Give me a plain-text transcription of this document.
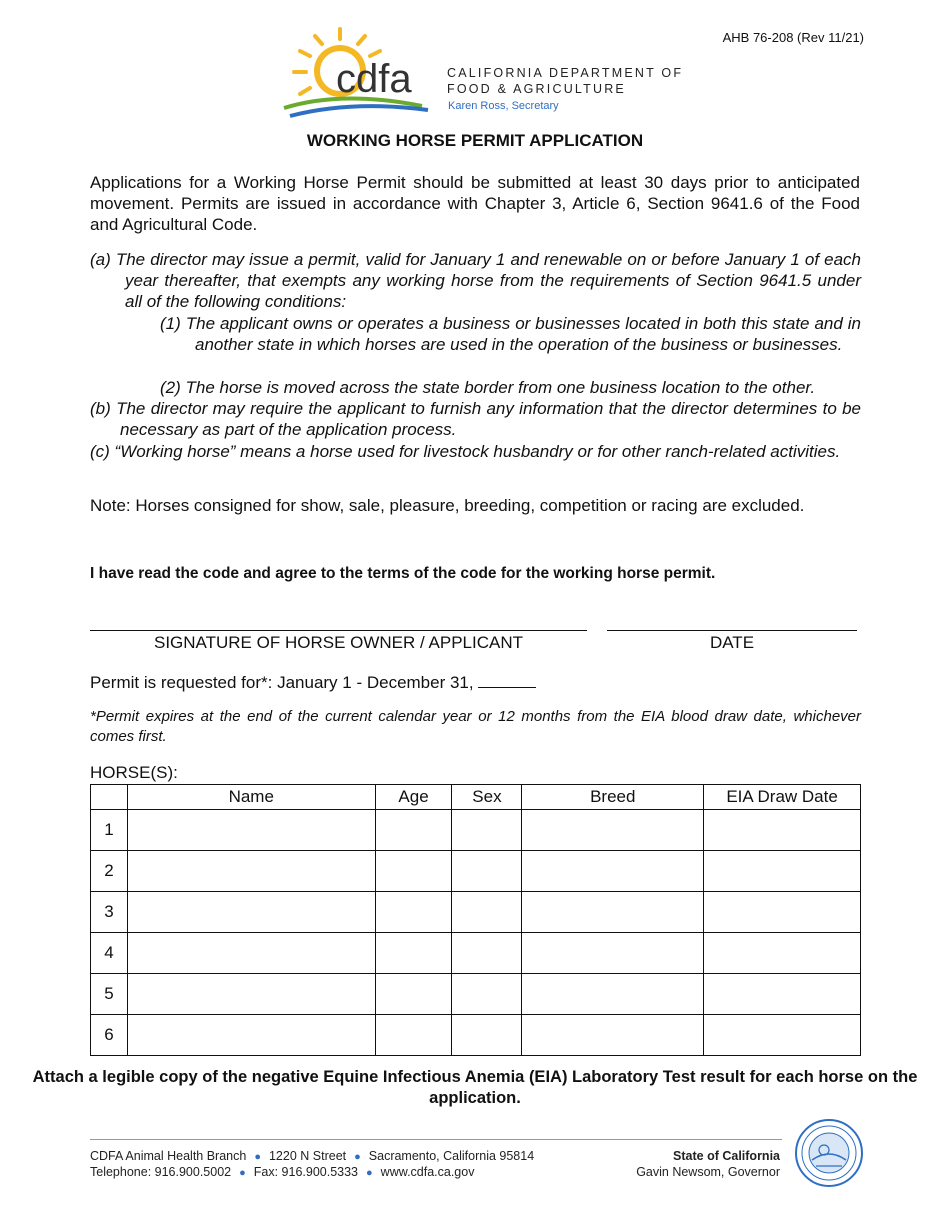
AHB 76-208 (Rev 11/21)
cdfa	CALIFORNIA DEPARTMENT OF
FOOD & AGRICULTURE
Karen Ross, Secretary
WORKING HORSE PERMIT APPLICATION
Applications for a Working Horse Permit should be submitted at least 30 days prior to anticipated movement. Permits are issued in accordance with Chapter 3, Article 6, Section 9641.6 of the Food and Agricultural Code.
(a) The director may issue a permit, valid for January 1 and renewable on or before January 1 of each year thereafter, that exempts any working horse from the requirements of Section 9641.5 under all of the following conditions:
(1) The applicant owns or operates a business or businesses located in both this state and in another state in which horses are used in the operation of the business or businesses.
(2) The horse is moved across the state border from one business location to the other.
(b) The director may require the applicant to furnish any information that the director determines to be necessary as part of the application process.
(c) “Working horse” means a horse used for livestock husbandry or for other ranch-related activities.
Note: Horses consigned for show, sale, pleasure, breeding, competition or racing are excluded.
I have read the code and agree to the terms of the code for the working horse permit.
SIGNATURE OF HORSE OWNER / APPLICANT	DATE
Permit is requested for*: January 1 - December 31,
*Permit expires at the end of the current calendar year or 12 months from the EIA blood draw date, whichever comes first.
HORSE(S):
	Name	Age	Sex	Breed	EIA Draw Date
1					
2					
3					
4					
5					
6					
Attach a legible copy of the negative Equine Infectious Anemia (EIA) Laboratory Test result for each horse on the application.
CDFA Animal Health Branch ● 1220 N Street ● Sacramento, California 95814
Telephone: 916.900.5002 ● Fax: 916.900.5333 ● www.cdfa.ca.gov
State of California
Gavin Newsom, Governor
